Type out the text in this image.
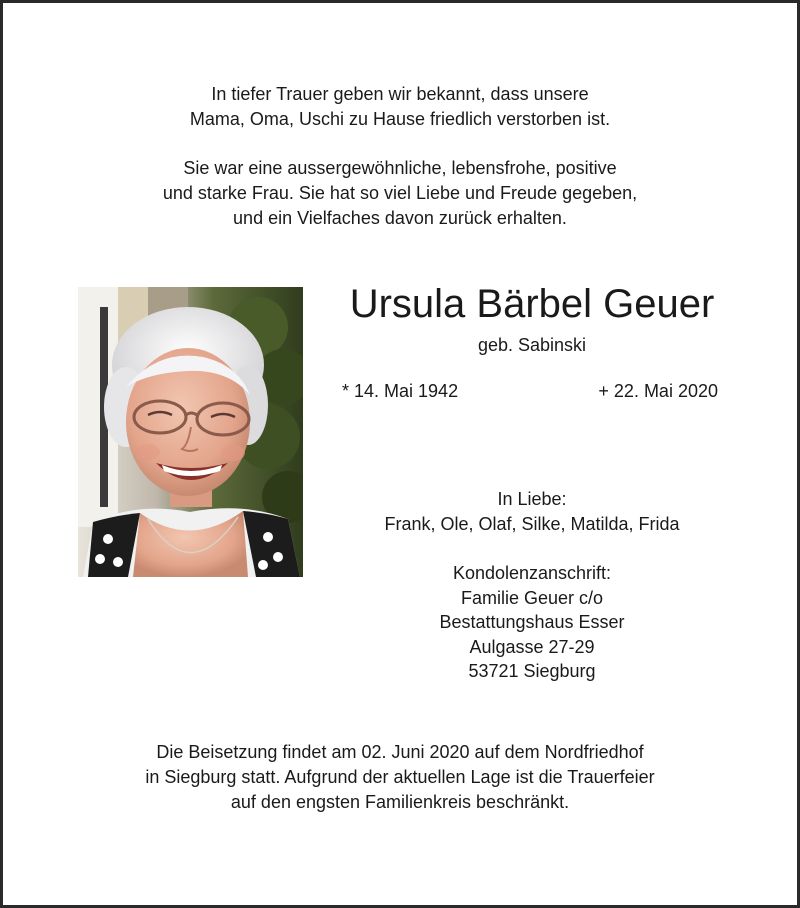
In tiefer Trauer geben wir bekannt, dass unsere
Mama, Oma, Uschi zu Hause friedlich verstorben ist.

Sie war eine aussergewöhnliche, lebensfrohe, positive
und starke Frau. Sie hat so viel Liebe und Freude gegeben,
und ein Vielfaches davon zurück erhalten.

Ursula Bärbel Geuer
geb. Sabinski
* 14. Mai 1942	+ 22. Mai 2020
In Liebe:
Frank, Ole, Olaf, Silke, Matilda, Frida
Kondolenzanschrift:
Familie Geuer c/o
Bestattungshaus Esser
Aulgasse 27-29
53721 Siegburg
Die Beisetzung findet am 02. Juni 2020 auf dem Nordfriedhof
in Siegburg statt. Aufgrund der aktuellen Lage ist die Trauerfeier
auf den engsten Familienkreis beschränkt.
